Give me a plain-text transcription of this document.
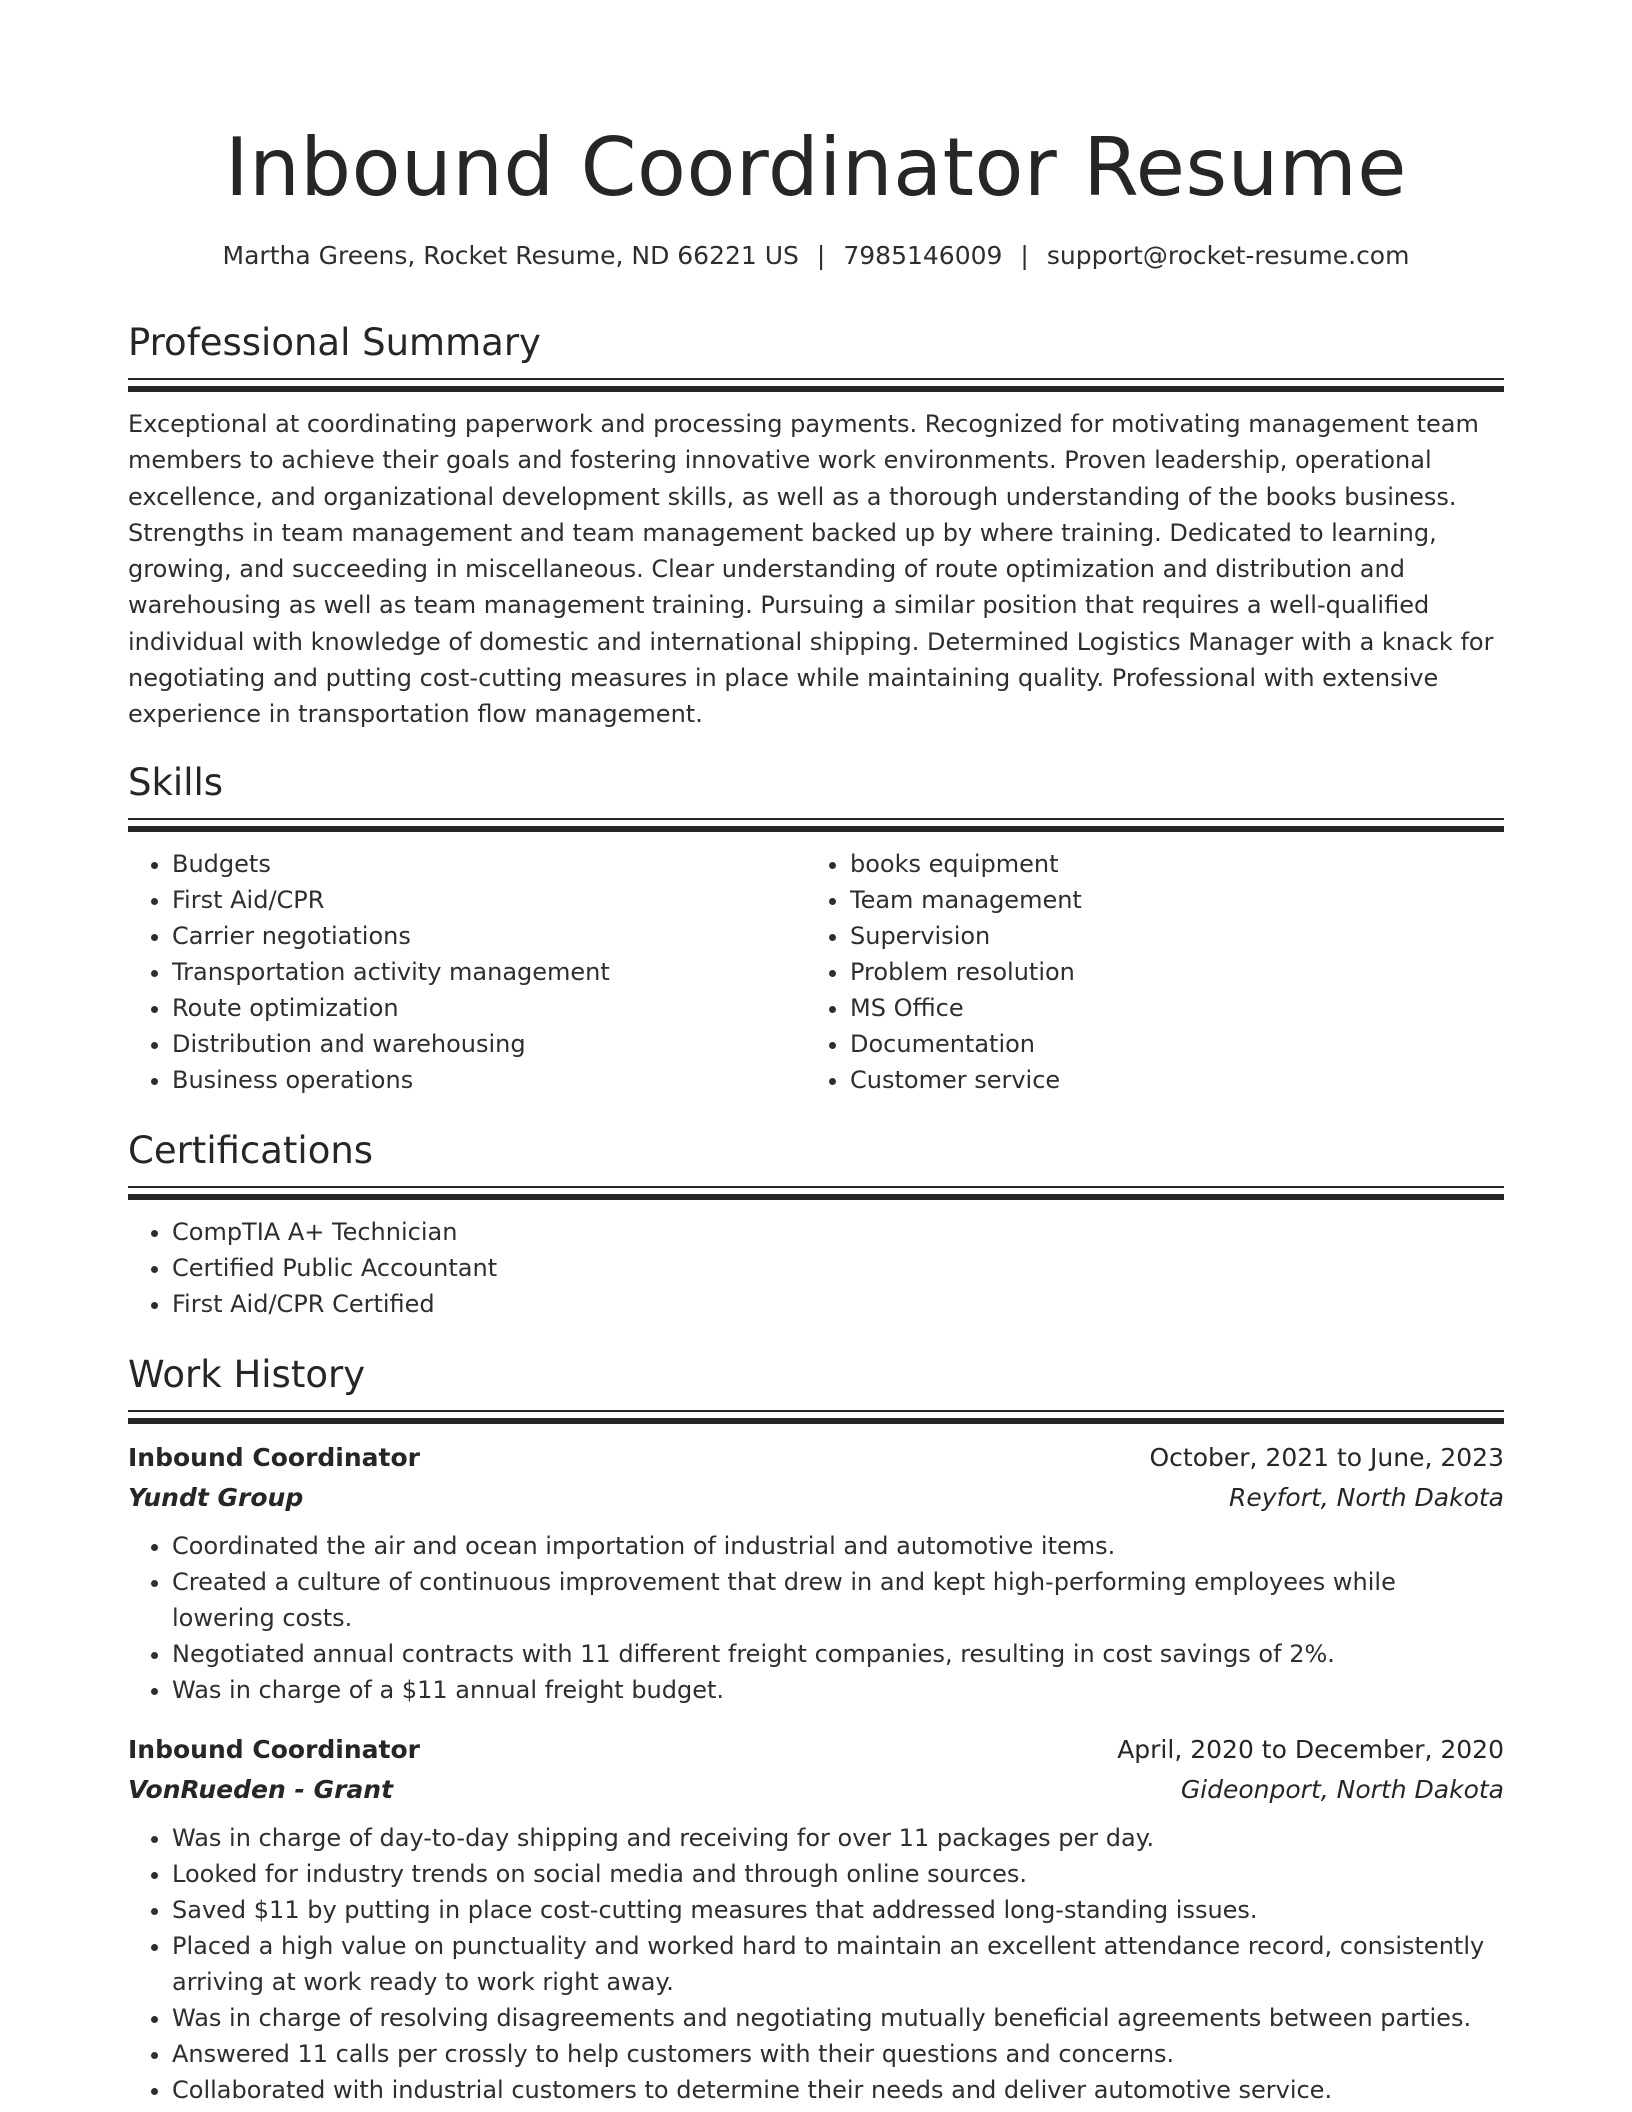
Inbound Coordinator Resume
Martha Greens, Rocket Resume, ND 66221 US | 7985146009 | support@rocket-resume.com
Professional Summary

Exceptional at coordinating paperwork and processing payments. Recognized for motivating management team members to achieve their goals and fostering innovative work environments. Proven leadership, operational excellence, and organizational development skills, as well as a thorough understanding of the books business. Strengths in team management and team management backed up by where training. Dedicated to learning, growing, and succeeding in miscellaneous. Clear understanding of route optimization and distribution and warehousing as well as team management training. Pursuing a similar position that requires a well-qualified individual with knowledge of domestic and international shipping. Determined Logistics Manager with a knack for negotiating and putting cost-cutting measures in place while maintaining quality. Professional with extensive experience in transportation flow management.

Skills
• Budgets
• First Aid/CPR
• Carrier negotiations
• Transportation activity management
• Route optimization
• Distribution and warehousing
• Business operations
• books equipment
• Team management
• Supervision
• Problem resolution
• MS Office
• Documentation
• Customer service
Certifications
• CompTIA A+ Technician
• Certified Public Accountant
• First Aid/CPR Certified
Work History
Inbound Coordinator	October, 2021 to June, 2023
Yundt Group	Reyfort, North Dakota
• Coordinated the air and ocean importation of industrial and automotive items.
• Created a culture of continuous improvement that drew in and kept high-performing employees while lowering costs.
• Negotiated annual contracts with 11 different freight companies, resulting in cost savings of 2%.
• Was in charge of a $11 annual freight budget.
Inbound Coordinator	April, 2020 to December, 2020
VonRueden - Grant	Gideonport, North Dakota
• Was in charge of day-to-day shipping and receiving for over 11 packages per day.
• Looked for industry trends on social media and through online sources.
• Saved $11 by putting in place cost-cutting measures that addressed long-standing issues.
• Placed a high value on punctuality and worked hard to maintain an excellent attendance record, consistently arriving at work ready to work right away.
• Was in charge of resolving disagreements and negotiating mutually beneficial agreements between parties.
• Answered 11 calls per crossly to help customers with their questions and concerns.
• Collaborated with industrial customers to determine their needs and deliver automotive service.
